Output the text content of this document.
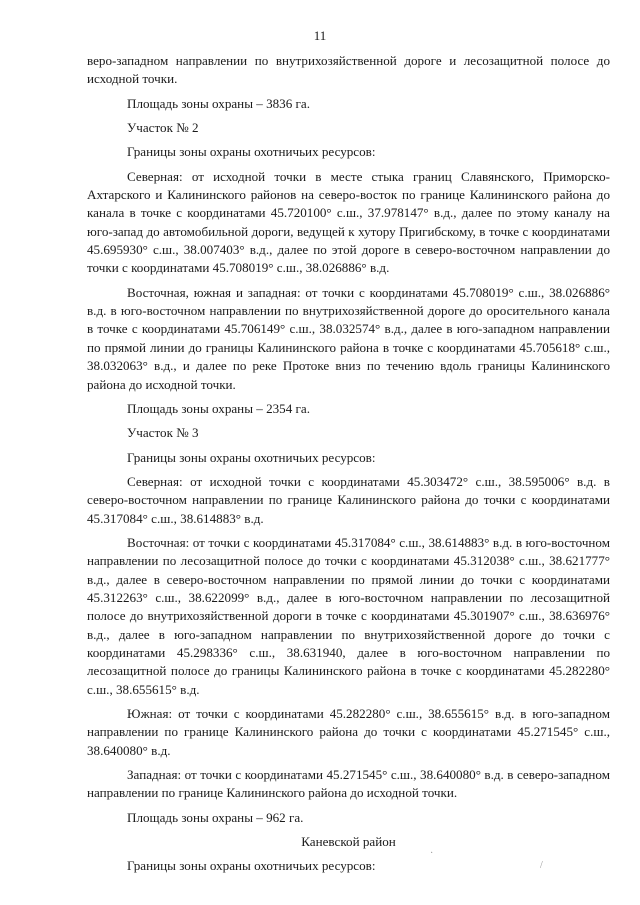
11

веро-западном направлении по внутрихозяйственной дороге и лесозащитной полосе до исходной точки.

Площадь зоны охраны – 3836 га.

Участок № 2

Границы зоны охраны охотничьих ресурсов:

Северная: от исходной точки в месте стыка границ Славянского, Приморско-Ахтарского и Калининского районов на северо-восток по границе Калининского района до канала в точке с координатами 45.720100° с.ш., 37.978147° в.д., далее по этому каналу на юго-запад до автомобильной дороги, ведущей к хутору Пригибскому, в точке с координатами 45.695930° с.ш., 38.007403° в.д., далее по этой дороге в северо-восточном направлении до точки с координатами 45.708019° с.ш., 38.026886° в.д.

Восточная, южная и западная: от точки с координатами 45.708019° с.ш., 38.026886° в.д. в юго-восточном направлении по внутрихозяйственной дороге до оросительного канала в точке с координатами 45.706149° с.ш., 38.032574° в.д., далее в юго-западном направлении по прямой линии до границы Калининского района в точке с координатами 45.705618° с.ш., 38.032063° в.д., и далее по реке Протоке вниз по течению вдоль границы Калининского района до исходной точки.

Площадь зоны охраны – 2354 га.

Участок № 3

Границы зоны охраны охотничьих ресурсов:

Северная: от исходной точки с координатами 45.303472° с.ш., 38.595006° в.д. в северо-восточном направлении по границе Калининского района до точки с координатами 45.317084° с.ш., 38.614883° в.д.

Восточная: от точки с координатами 45.317084° с.ш., 38.614883° в.д. в юго-восточном направлении по лесозащитной полосе до точки с координатами 45.312038° с.ш., 38.621777° в.д., далее в северо-восточном направлении по прямой линии до точки с координатами 45.312263° с.ш., 38.622099° в.д., далее в юго-восточном направлении по лесозащитной полосе до внутрихозяйственной дороги в точке с координатами 45.301907° с.ш., 38.636976° в.д., далее в юго-западном направлении по внутрихозяйственной дороге до точки с координатами 45.298336° с.ш., 38.631940, далее в юго-восточном направлении по лесозащитной полосе до границы Калининского района в точке с координатами 45.282280° с.ш., 38.655615° в.д.

Южная: от точки с координатами 45.282280° с.ш., 38.655615° в.д. в юго-западном направлении по границе Калининского района до точки с координатами 45.271545° с.ш., 38.640080° в.д.

Западная: от точки с координатами 45.271545° с.ш., 38.640080° в.д. в северо-западном направлении по границе Калининского района до исходной точки.

Площадь зоны охраны – 962 га.

Каневской район

Границы зоны охраны охотничьих ресурсов:

·
/
